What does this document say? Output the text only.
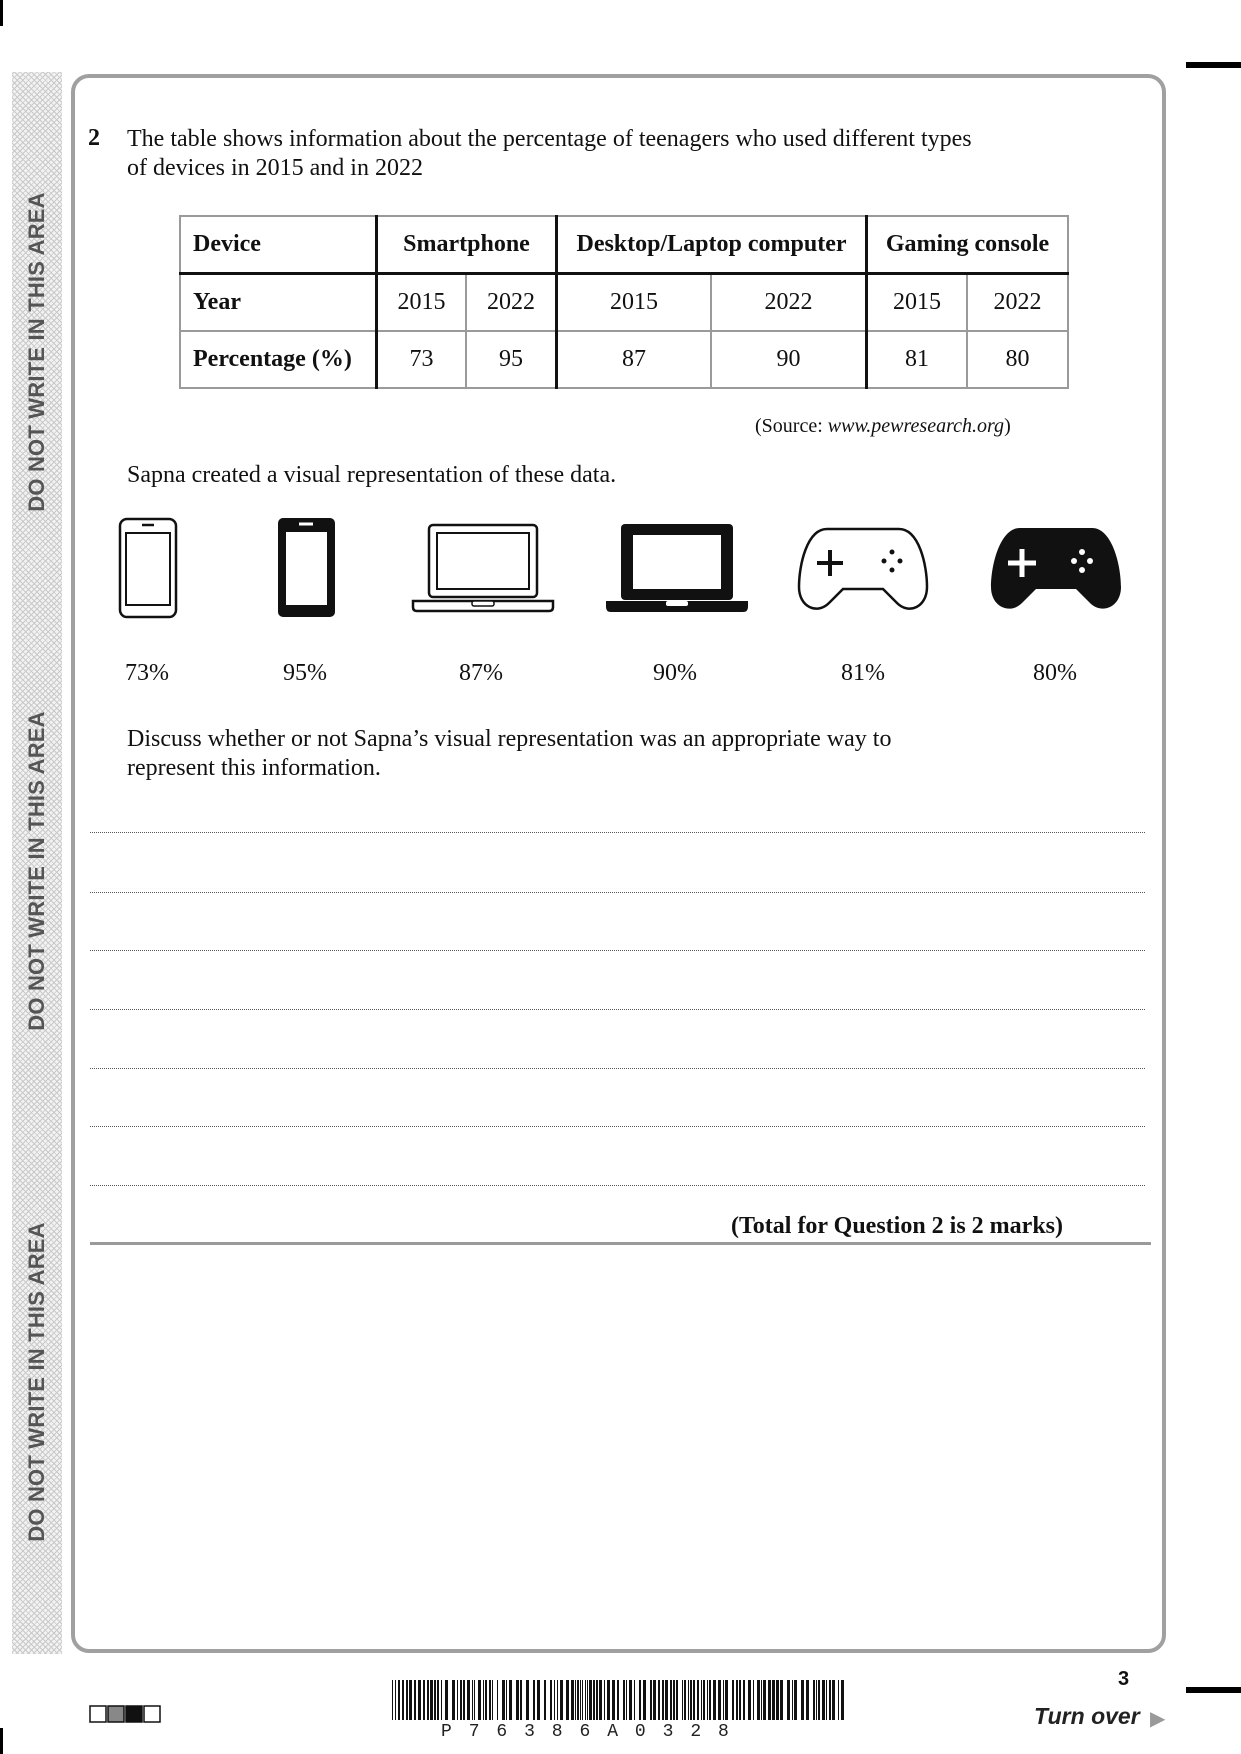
DO NOT WRITE IN THIS AREA
DO NOT WRITE IN THIS AREA
DO NOT WRITE IN THIS AREA
2 The table shows information about the percentage of teenagers who used different types
of devices in 2015 and in 2022
Device	Smartphone		Desktop/Laptop computer		Gaming console	
Year	2015	2022	2015	2022	2015	2022
Percentage (%)	73	95	87	90	81	80
(Source: www.pewresearch.org)
Sapna created a visual representation of these data.
73%	95%	87%	90%	81%	80%
Discuss whether or not Sapna’s visual representation was an appropriate way to
represent this information.
(Total for Question 2 is 2 marks)
P76386A0328
3
Turn over ▶
